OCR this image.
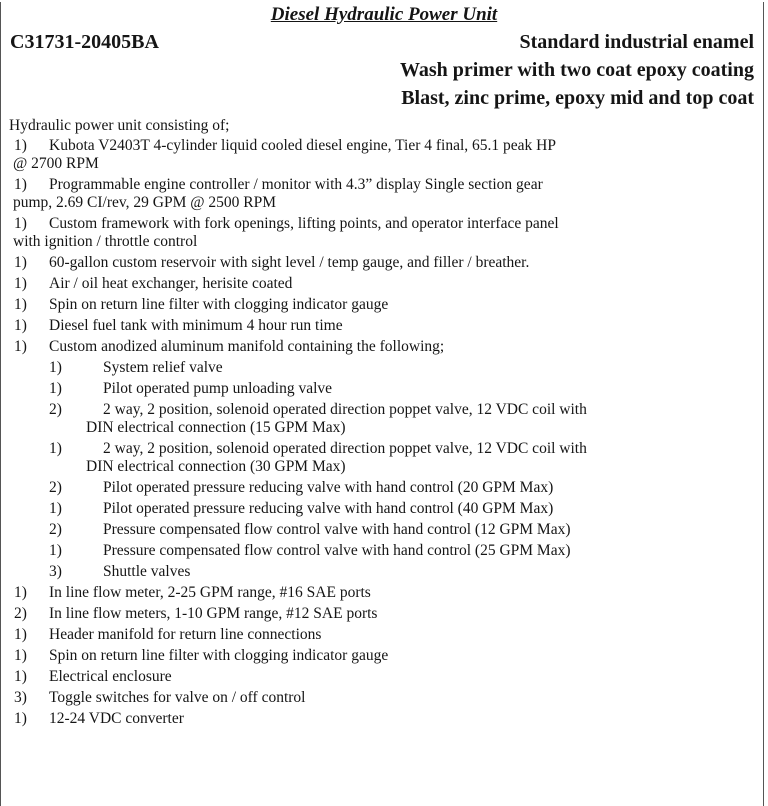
Diesel Hydraulic Power Unit
C31731-20405BA	Standard industrial enamel
Wash primer with two coat epoxy coating
Blast, zinc prime, epoxy mid and top coat
Hydraulic power unit consisting of;
1) Kubota V2403T 4-cylinder liquid cooled diesel engine, Tier 4 final, 65.1 peak HP
@ 2700 RPM
1) Programmable engine controller / monitor with 4.3” display Single section gear
pump, 2.69 CI/rev, 29 GPM @ 2500 RPM
1) Custom framework with fork openings, lifting points, and operator interface panel
with ignition / throttle control
1) 60-gallon custom reservoir with sight level / temp gauge, and filler / breather.
1) Air / oil heat exchanger, herisite coated
1) Spin on return line filter with clogging indicator gauge
1) Diesel fuel tank with minimum 4 hour run time
1) Custom anodized aluminum manifold containing the following;
1)	System relief valve
1)	Pilot operated pump unloading valve
2)	2 way, 2 position, solenoid operated direction poppet valve, 12 VDC coil with
DIN electrical connection (15 GPM Max)
1)	2 way, 2 position, solenoid operated direction poppet valve, 12 VDC coil with
DIN electrical connection (30 GPM Max)
2)	Pilot operated pressure reducing valve with hand control (20 GPM Max)
1)	Pilot operated pressure reducing valve with hand control (40 GPM Max)
2)	Pressure compensated flow control valve with hand control (12 GPM Max)
1)	Pressure compensated flow control valve with hand control (25 GPM Max)
3)	Shuttle valves
1) In line flow meter, 2-25 GPM range, #16 SAE ports
2) In line flow meters, 1-10 GPM range, #12 SAE ports
1) Header manifold for return line connections
1) Spin on return line filter with clogging indicator gauge
1) Electrical enclosure
3) Toggle switches for valve on / off control
1) 12-24 VDC converter
